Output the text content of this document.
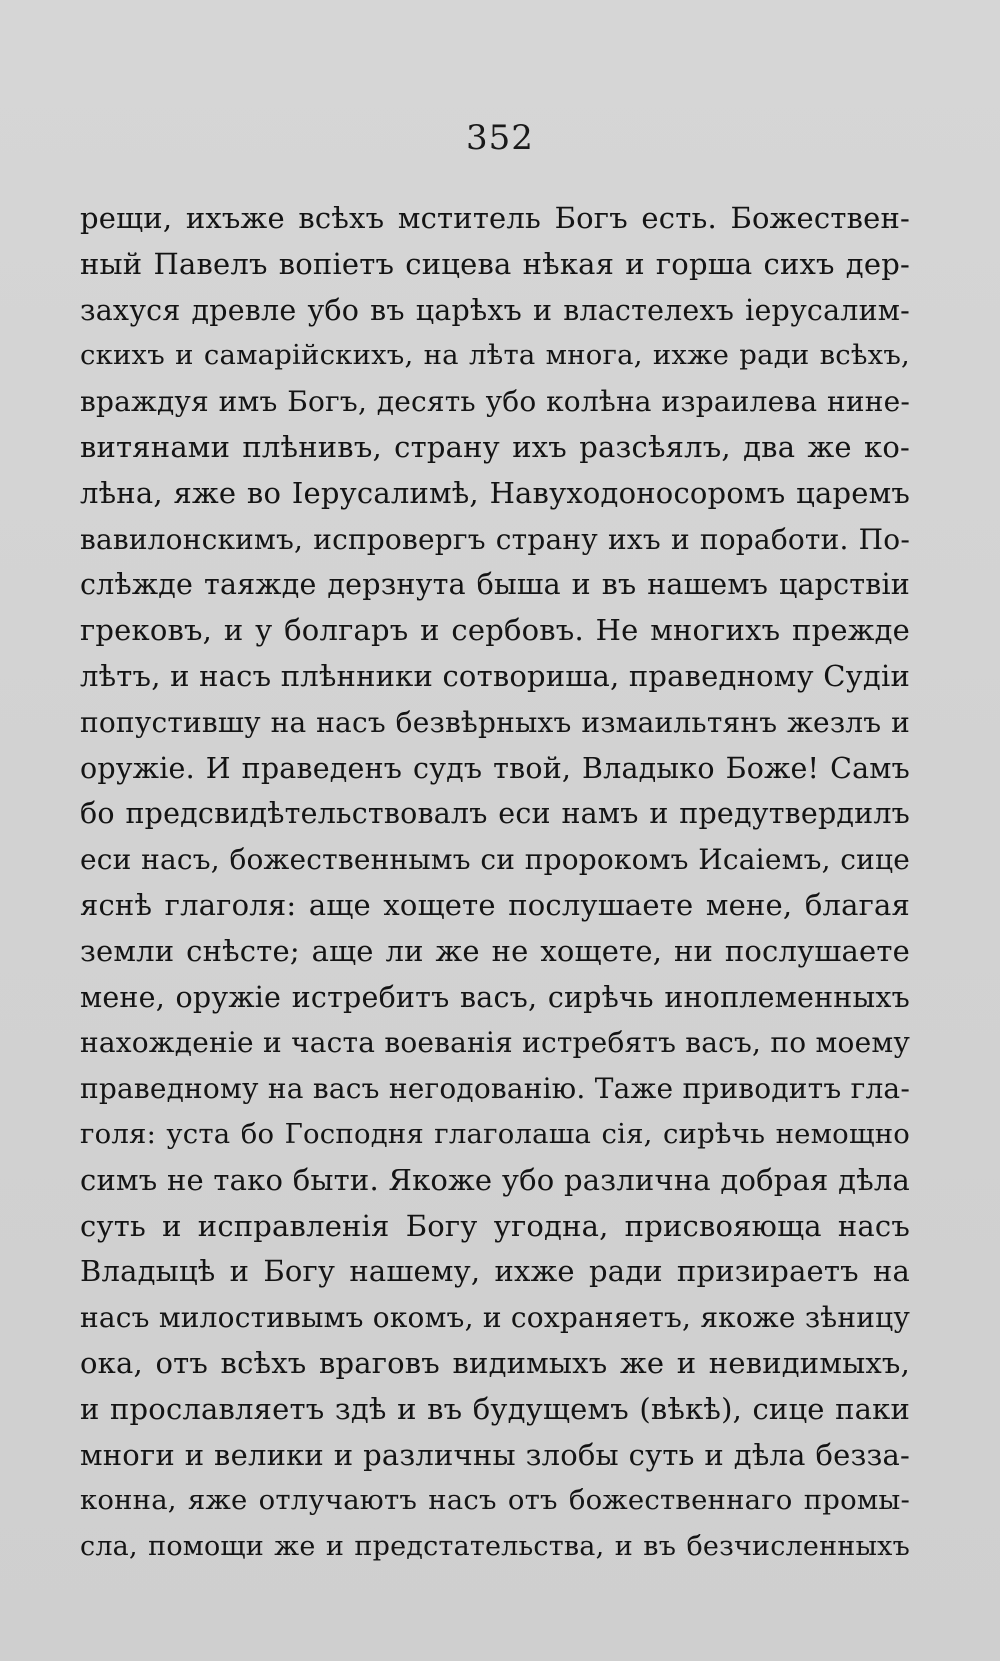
352
рещи, ихъже всѣхъ мститель Богъ есть. Божествен-
ный Павелъ вопіетъ сицева нѣкая и горша сихъ дер-
захуся древле убо въ царѣхъ и властелехъ іерусалим-
скихъ и самарійскихъ, на лѣта многа, ихже ради всѣхъ,
враждуя имъ Богъ, десять убо колѣна израилева нине-
витянами плѣнивъ, страну ихъ разсѣялъ, два же ко-
лѣна, яже во Іерусалимѣ, Навуходоносоромъ царемъ
вавилонскимъ, испровергъ страну ихъ и поработи. По-
слѣжде таяжде дерзнута быша и въ нашемъ царствіи
грековъ, и у болгаръ и сербовъ. Не многихъ прежде
лѣтъ, и насъ плѣнники сотвориша, праведному Судіи
попустившу на насъ безвѣрныхъ измаильтянъ жезлъ и
оружіе. И праведенъ судъ твой, Владыко Боже! Самъ
бо предсвидѣтельствовалъ еси намъ и предутвердилъ
еси насъ, божественнымъ си пророкомъ Исаіемъ, сице
яснѣ глаголя: аще хощете послушаете мене, благая
земли снѣсте; аще ли же не хощете, ни послушаете
мене, оружіе истребитъ васъ, сирѣчь иноплеменныхъ
нахожденіе и часта воеванія истребятъ васъ, по моему
праведному на васъ негодованію. Таже приводитъ гла-
голя: уста бо Господня глаголаша сія, сирѣчь немощно
симъ не тако быти. Якоже убо различна добрая дѣла
суть и исправленія Богу угодна, присвояюща насъ
Владыцѣ и Богу нашему, ихже ради призираетъ на
насъ милостивымъ окомъ, и сохраняетъ, якоже зѣницу
ока, отъ всѣхъ враговъ видимыхъ же и невидимыхъ,
и прославляетъ здѣ и въ будущемъ (вѣкѣ), сице паки
многи и велики и различны злобы суть и дѣла безза-
конна, яже отлучаютъ насъ отъ божественнаго промы-
сла, помощи же и предстательства, и въ безчисленныхъ
